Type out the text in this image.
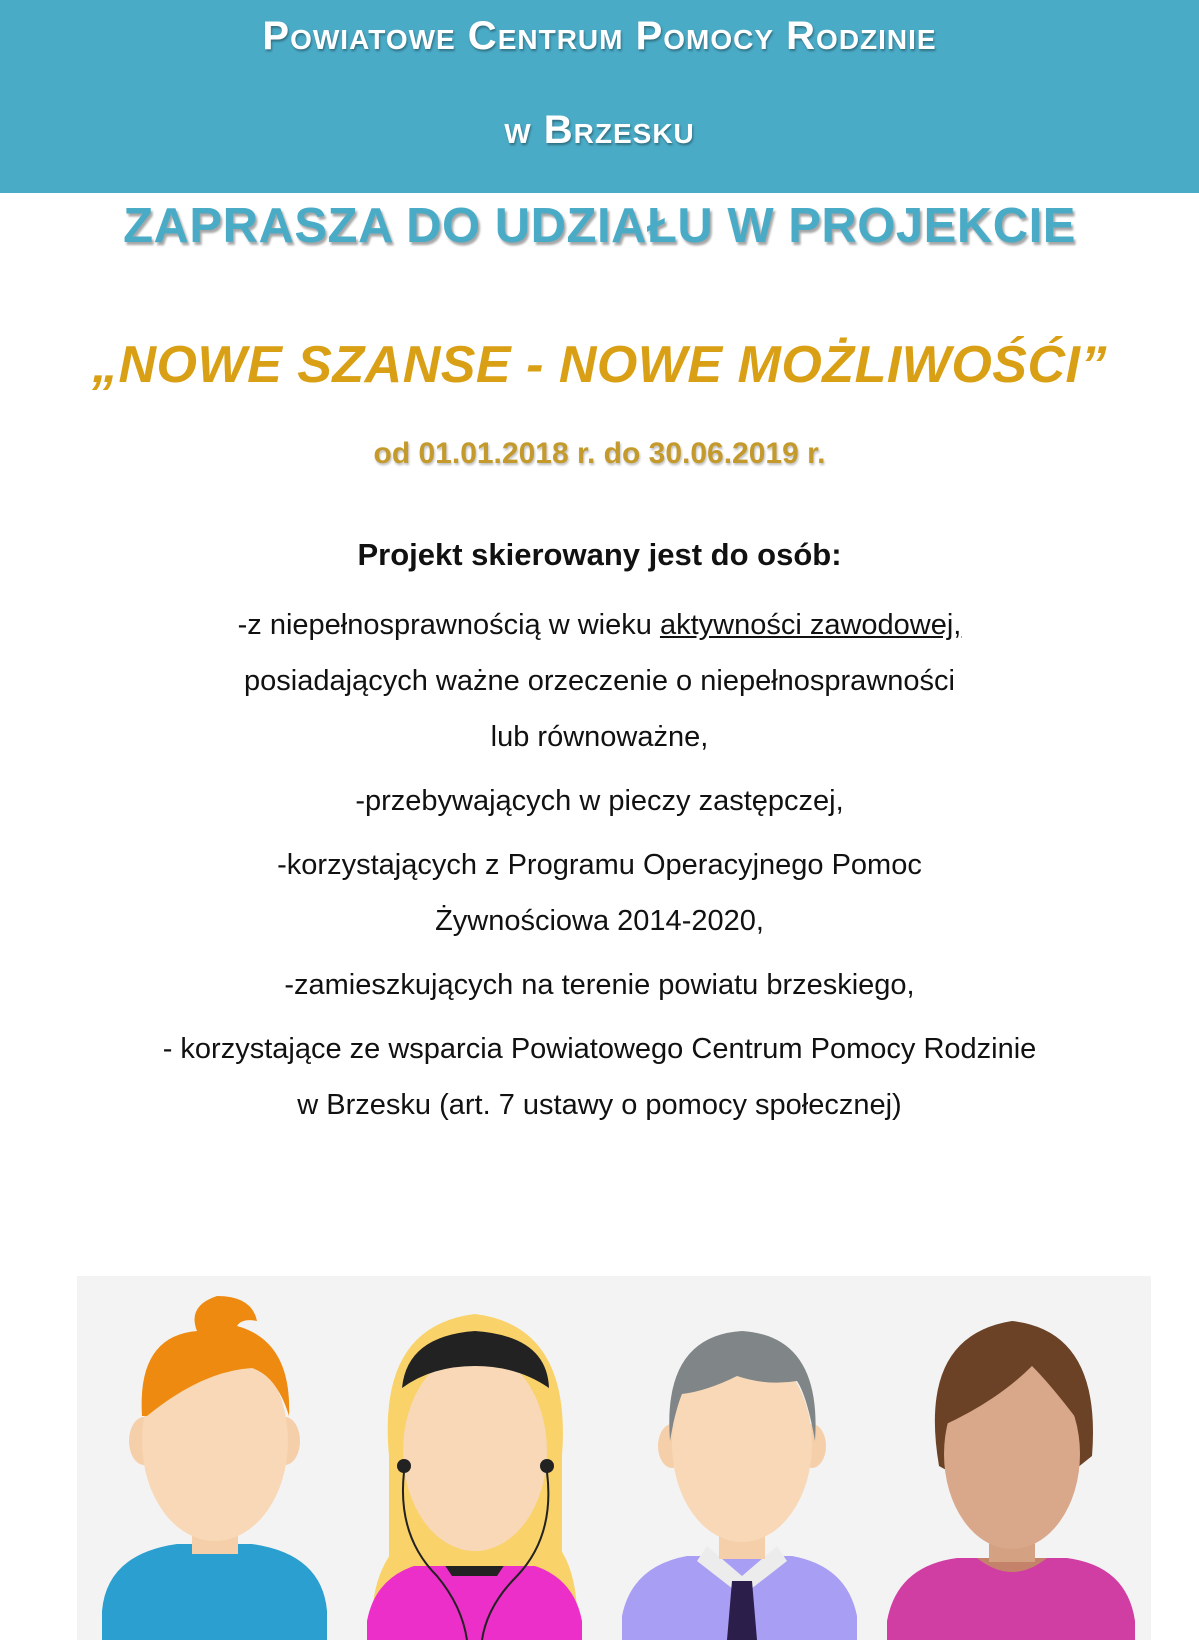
Powiatowe Centrum Pomocy Rodzinie
w Brzesku
ZAPRASZA DO UDZIAŁU W PROJEKCIE
„NOWE SZANSE - NOWE MOŻLIWOŚĆI”
od 01.01.2018 r. do 30.06.2019 r.
Projekt skierowany jest do osób:
-z niepełnosprawnością w wieku aktywności zawodowej,
posiadających ważne orzeczenie o niepełnosprawności
lub równoważne,
-przebywających w pieczy zastępczej,
-korzystających z Programu Operacyjnego Pomoc
Żywnościowa 2014-2020,
-zamieszkujących na terenie powiatu brzeskiego,
- korzystające ze wsparcia Powiatowego Centrum Pomocy Rodzinie
w Brzesku (art. 7 ustawy o pomocy społecznej)
